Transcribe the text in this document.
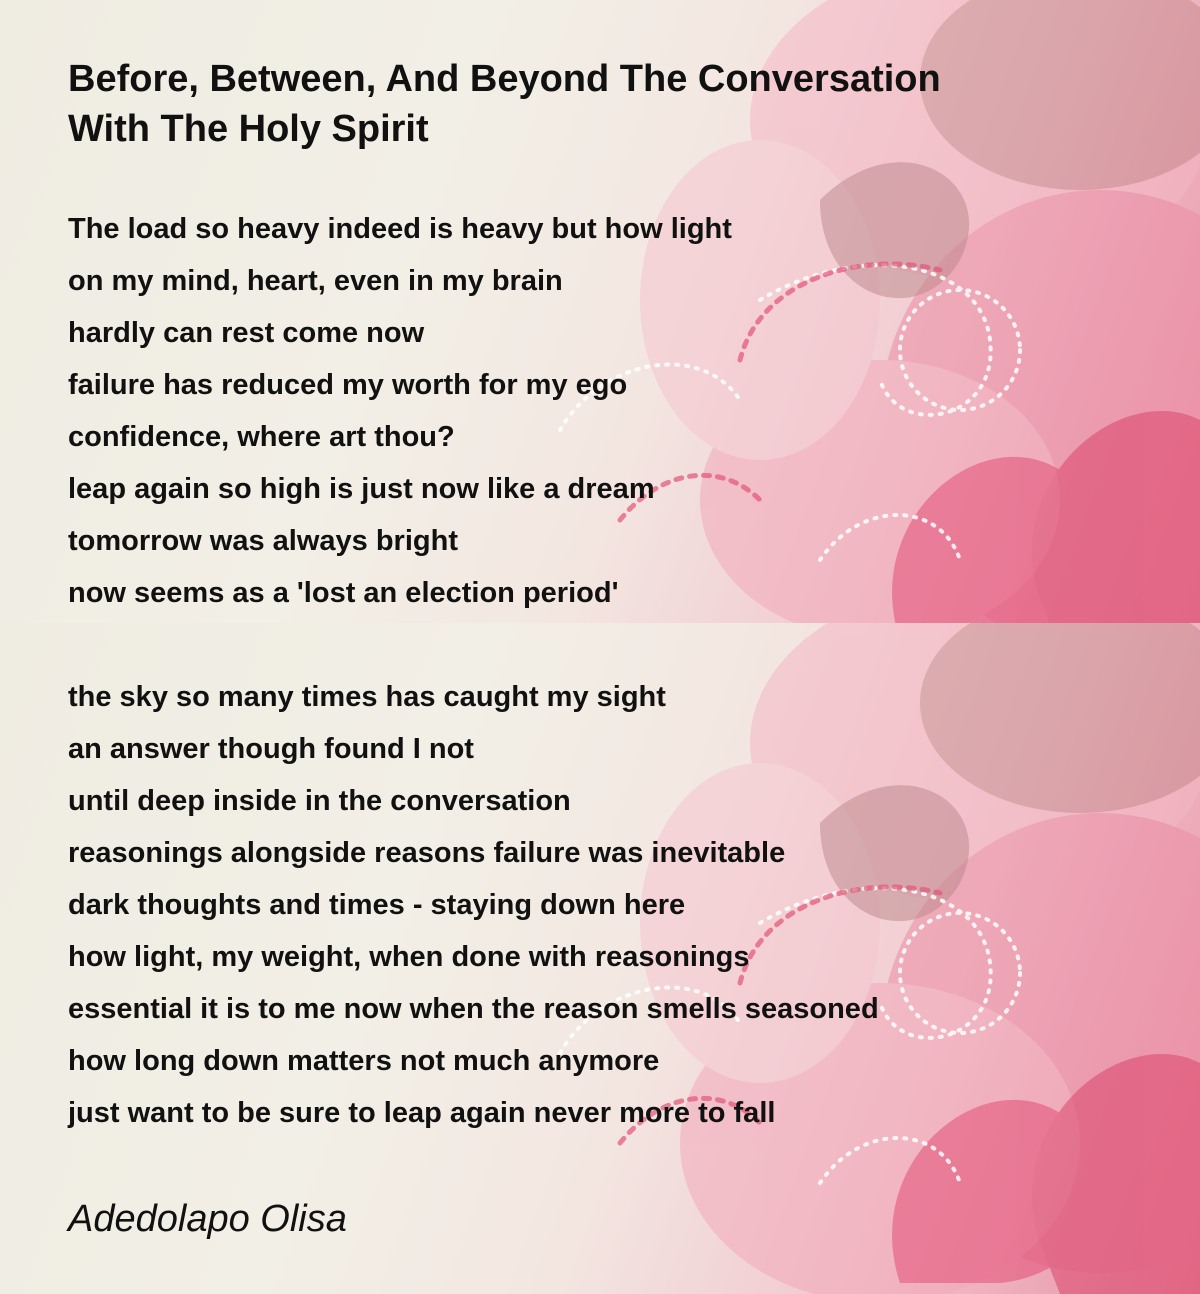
Before, Between, And Beyond The Conversation
With The Holy Spirit
The load so heavy indeed is heavy but how light
on my mind, heart, even in my brain
hardly can rest come now
failure has reduced my worth for my ego
confidence, where art thou?
leap again so high is just now like a dream
tomorrow was always bright
now seems as a 'lost an election period'
the sky so many times has caught my sight
an answer though found I not
until deep inside in the conversation
reasonings alongside reasons failure was inevitable
dark thoughts and times - staying down here
how light, my weight, when done with reasonings
essential it is to me now when the reason smells seasoned
how long down matters not much anymore
just want to be sure to leap again never more to fall
Adedolapo Olisa
